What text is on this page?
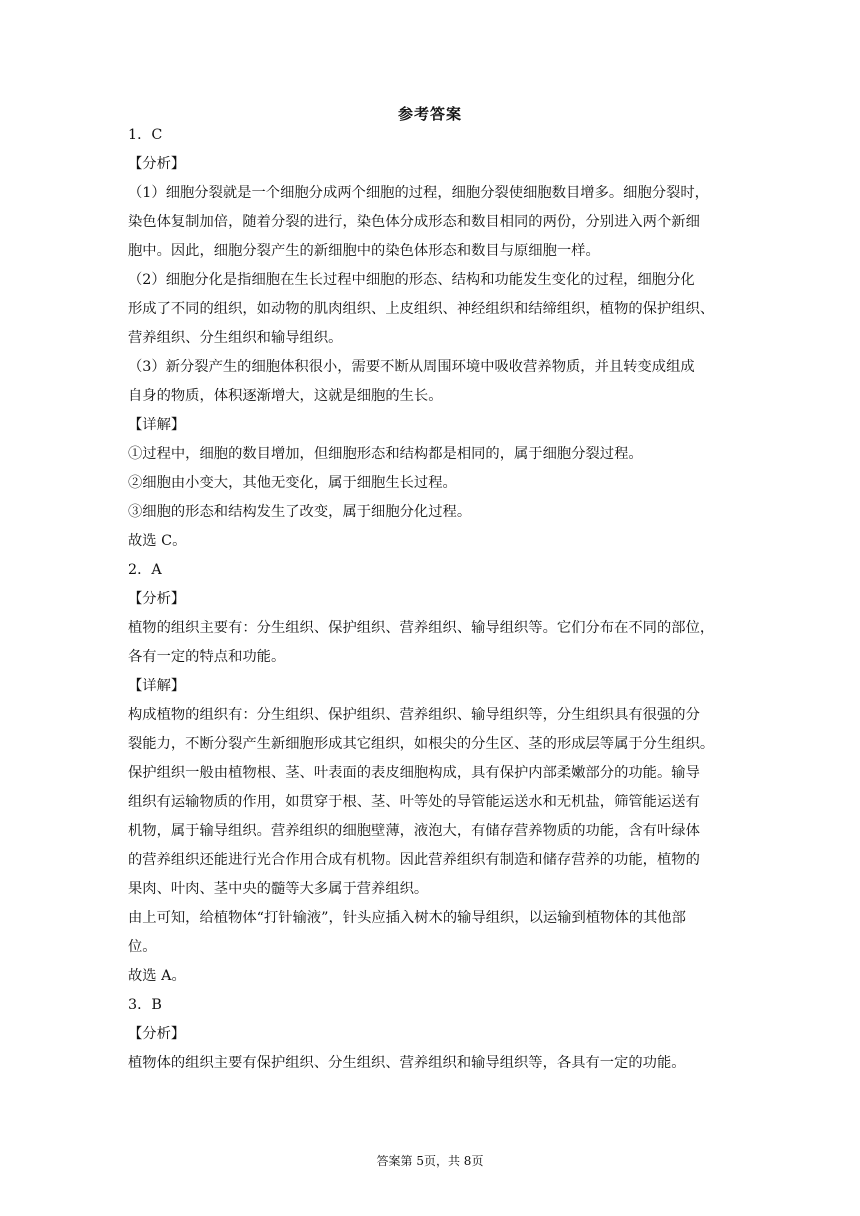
参考答案

1．C

【分析】

（1）细胞分裂就是一个细胞分成两个细胞的过程，细胞分裂使细胞数目增多。细胞分裂时，

染色体复制加倍，随着分裂的进行，染色体分成形态和数目相同的两份，分别进入两个新细

胞中。因此，细胞分裂产生的新细胞中的染色体形态和数目与原细胞一样。

（2）细胞分化是指细胞在生长过程中细胞的形态、结构和功能发生变化的过程，细胞分化

形成了不同的组织，如动物的肌肉组织、上皮组织、神经组织和结缔组织，植物的保护组织、

营养组织、分生组织和输导组织。

（3）新分裂产生的细胞体积很小，需要不断从周围环境中吸收营养物质，并且转变成组成

自身的物质，体积逐渐增大，这就是细胞的生长。

【详解】

①过程中，细胞的数目增加，但细胞形态和结构都是相同的，属于细胞分裂过程。

②细胞由小变大，其他无变化，属于细胞生长过程。

③细胞的形态和结构发生了改变，属于细胞分化过程。

故选 C。

2．A

【分析】

植物的组织主要有：分生组织、保护组织、营养组织、输导组织等。它们分布在不同的部位，

各有一定的特点和功能。

【详解】

构成植物的组织有：分生组织、保护组织、营养组织、输导组织等，分生组织具有很强的分

裂能力，不断分裂产生新细胞形成其它组织，如根尖的分生区、茎的形成层等属于分生组织。

保护组织一般由植物根、茎、叶表面的表皮细胞构成，具有保护内部柔嫩部分的功能。输导

组织有运输物质的作用，如贯穿于根、茎、叶等处的导管能运送水和无机盐，筛管能运送有

机物，属于输导组织。营养组织的细胞壁薄，液泡大，有储存营养物质的功能，含有叶绿体

的营养组织还能进行光合作用合成有机物。因此营养组织有制造和储存营养的功能，植物的

果肉、叶肉、茎中央的髓等大多属于营养组织。

由上可知，给植物体“打针输液”，针头应插入树木的输导组织，以运输到植物体的其他部

位。

故选 A。

3．B

【分析】

植物体的组织主要有保护组织、分生组织、营养组织和输导组织等，各具有一定的功能。

答案第 5页，共 8页
